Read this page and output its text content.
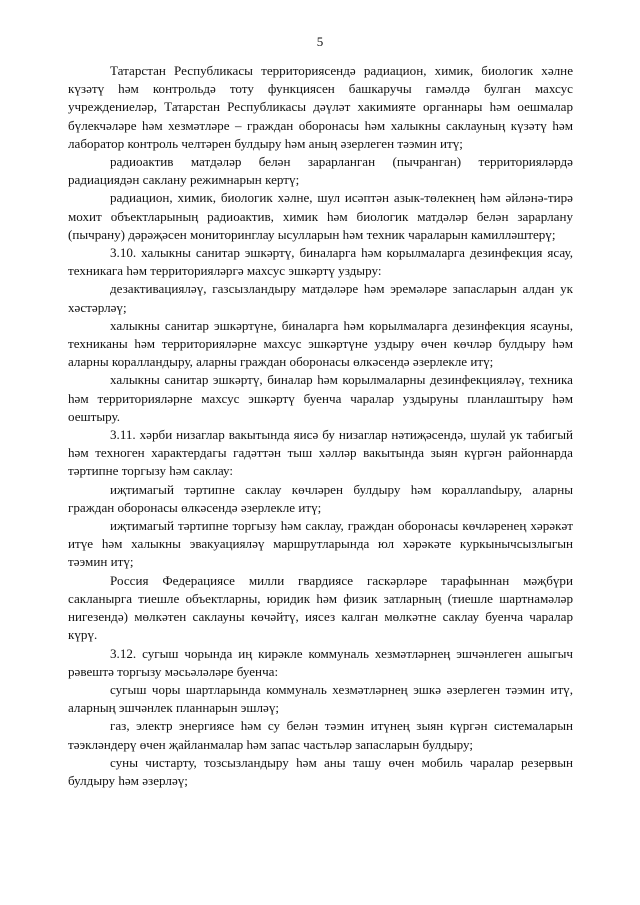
5

Татарстан Республикасы территориясендә радиацион, химик, биологик хәлне күзәтү һәм контрольдә тоту функциясен башкаручы гамәлдә булган махсус учреждениеләр, Татарстан Республикасы дәүләт хакимияте органнары һәм оешмалар бүлекчәләре һәм хезмәтләре – граждан оборонасы һәм халыкны саклауның күзәтү һәм лаборатор контроль челтәрен булдыру һәм аның әзерлеген тәэмин итү;

радиоактив матдәләр белән зарарланган (пычранган) территорияләрдә радиациядән саклану режимнарын кертү;

радиацион, химик, биологик хәлне, шул исәптән азык-төлекнең һәм әйләнә-тирә мохит объектларының радиоактив, химик һәм биологик матдәләр белән зарарлану (пычрану) дәрәҗәсен мониторинглау ысулларын һәм техник чараларын камилләштерү;

3.10. халыкны санитар эшкәртү, биналарга һәм корылмаларга дезинфекция ясау, техникага һәм территорияләргә махсус эшкәртү уздыру:

дезактивацияләү, газсызландыру матдәләре һәм эремәләре запасларын алдан ук хәстәрләү;

халыкны санитар эшкәртүне, биналарга һәм корылмаларга дезинфекция ясауны, техниканы һәм территорияләрне махсус эшкәртүне уздыру өчен көчләр булдыру һәм аларны коралландыру, аларны граждан оборонасы өлкәсендә әзерлекле итү;

халыкны санитар эшкәртү, биналар һәм корылмаларны дезинфекцияләү, техника һәм территорияләрне махсус эшкәртү буенча чаралар уздыруны планлаштыру һәм оештыру.

3.11. хәрби низаглар вакытында яисә бу низаглар нәтиҗәсендә, шулай ук табигый һәм техноген характердагы гадәттән тыш хәлләр вакытында зыян күргән районнарда тәртипне торгызу һәм саклау:

иҗтимагый тәртипне саклау көчләрен булдыру һәм кораллandыру, аларны граждан оборонасы өлкәсендә әзерлекле итү;

иҗтимагый тәртипне торгызу һәм саклау, граждан оборонасы көчләренең хәрәкәт итүе һәм халыкны эвакуацияләү маршрутларында юл хәрәкәте куркынычсызлыгын тәэмин итү;

Россия Федерациясе милли гвардиясе гаскәрләре тарафыннан мәҗбүри сакланырга тиешле объектларны, юридик һәм физик затларның (тиешле шартнамәләр нигезендә) мөлкәтен саклауны көчәйтү, иясез калган мөлкәтне саклау буенча чаралар күрү.

3.12. сугыш чорында иң кирәкле коммуналь хезмәтләрнең эшчәнлеген ашыгыч рәвештә торгызу мәсьәләләре буенча:

сугыш чоры шартларында коммуналь хезмәтләрнең эшкә әзерлеген тәэмин итү, аларның эшчәнлек планнарын эшләү;

газ, электр энергиясе һәм су белән тәэмин итүнең зыян күргән системаларын тәэкләндерү өчен җайланмалар һәм запас частьләр запасларын булдыру;

суны чистарту, тозсызландыру һәм аны ташу өчен мобиль чаралар резервын булдыру һәм әзерләү;
